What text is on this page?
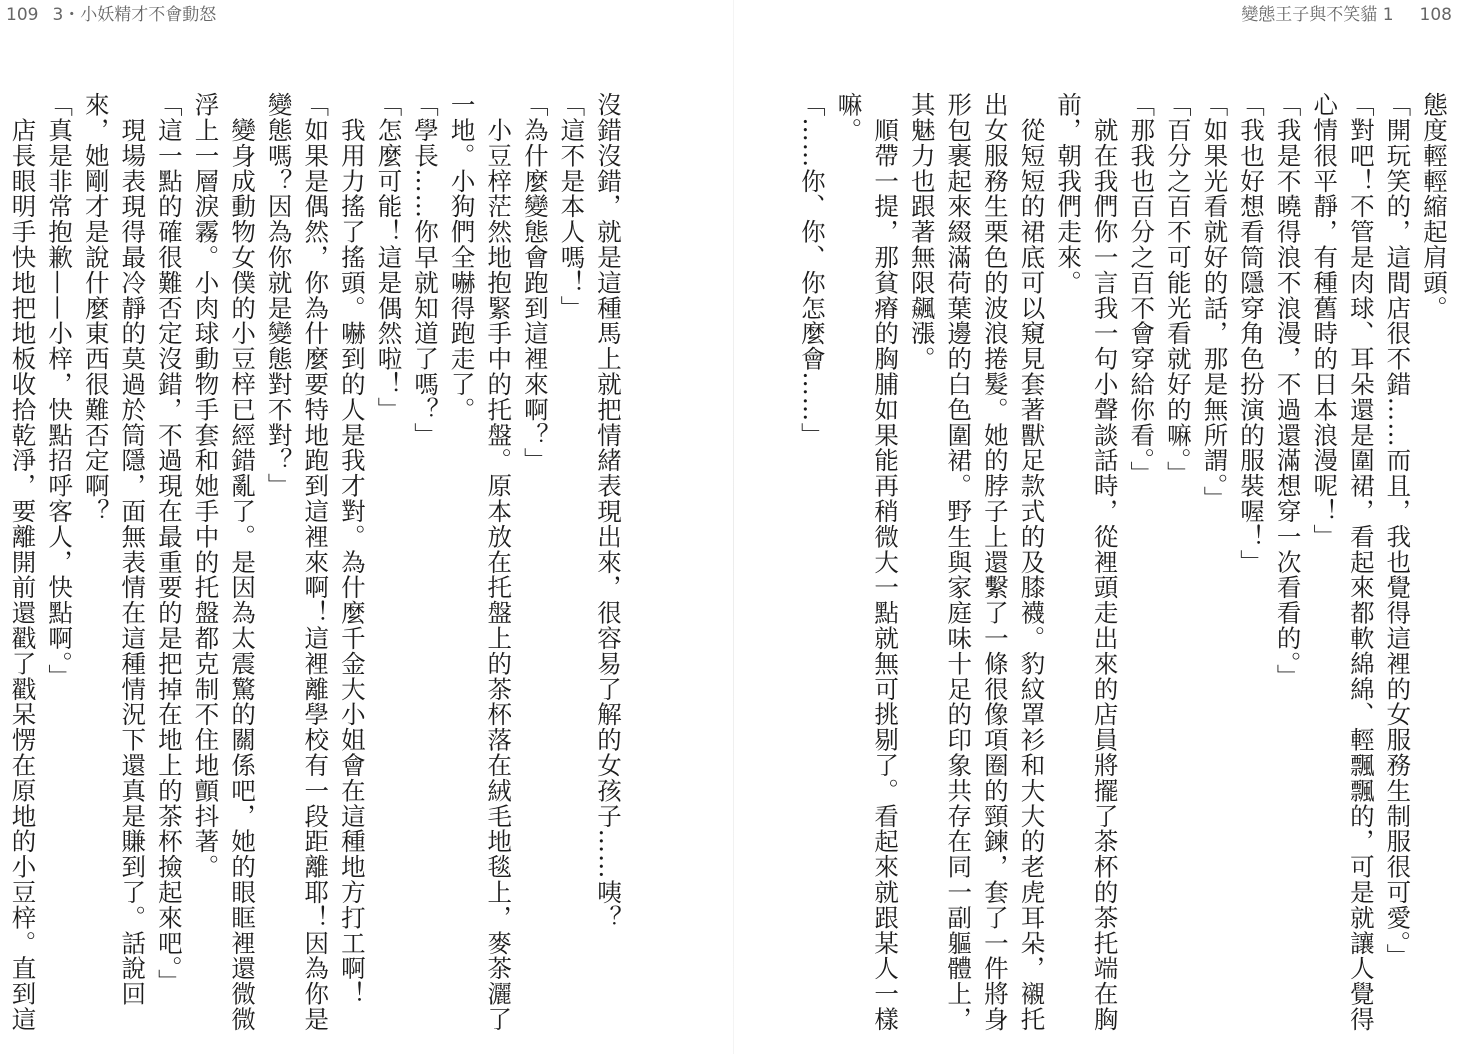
109 3・小妖精才不會動怒	變態王子與不笑貓 1 108

態度輕輕縮起肩頭。

「開玩笑的，這間店很不錯……而且，我也覺得這裡的女服務生制服很可愛。」

「對吧！不管是肉球、耳朵還是圍裙，看起來都軟綿綿、輕飄飄的，可是就讓人覺得心情很平靜，有種舊時的日本浪漫呢！」

「我是不曉得浪不浪漫，不過還滿想穿一次看看的。」

「我也好想看筒隱穿角色扮演的服裝喔！」

「如果光看就好的話，那是無所謂。」

「百分之百不可能光看就好的嘛。」

「那我也百分之百不會穿給你看。」

　就在我們你一言我一句小聲談話時，從裡頭走出來的店員將擺了茶杯的茶托端在胸前，朝我們走來。

　從短短的裙底可以窺見套著獸足款式的及膝襪。豹紋罩衫和大大的老虎耳朵，襯托出女服務生栗色的波浪捲髮。她的脖子上還繫了一條很像項圈的頸鍊，套了一件將身形包裹起來綴滿荷葉邊的白色圍裙。野生與家庭味十足的印象共存在同一副軀體上，其魅力也跟著無限飆漲。

　順帶一提，那貧瘠的胸脯如果能再稍微大一點就無可挑剔了。看起來就跟某人一樣嘛。

「……你、你、你怎麼會……」

沒錯沒錯，就是這種馬上就把情緒表現出來，很容易了解的女孩子……咦？

「這不是本人嗎！」

「為什麼變態會跑到這裡來啊？」

　小豆梓茫然地抱緊手中的托盤。原本放在托盤上的茶杯落在絨毛地毯上，麥茶灑了一地。小狗們全嚇得跑走了。

「學長……你早就知道了嗎？」

「怎麼可能！這是偶然啦！」

　我用力搖了搖頭。嚇到的人是我才對。為什麼千金大小姐會在這種地方打工啊！

「如果是偶然，你為什麼要特地跑到這裡來啊！這裡離學校有一段距離耶！因為你是變態嗎？因為你就是變態對不對？」

　變身成動物女僕的小豆梓已經錯亂了。是因為太震驚的關係吧，她的眼眶裡還微微浮上一層淚霧。小肉球動物手套和她手中的托盤都克制不住地顫抖著。

「這一點的確很難否定沒錯，不過現在最重要的是把掉在地上的茶杯撿起來吧。」

　現場表現得最冷靜的莫過於筒隱，面無表情在這種情況下還真是賺到了。話說回來，她剛才是說什麼東西很難否定啊？

「真是非常抱歉——小梓，快點招呼客人，快點啊。」

　店長眼明手快地把地板收拾乾淨，要離開前還戳了戳呆愣在原地的小豆梓。直到這
